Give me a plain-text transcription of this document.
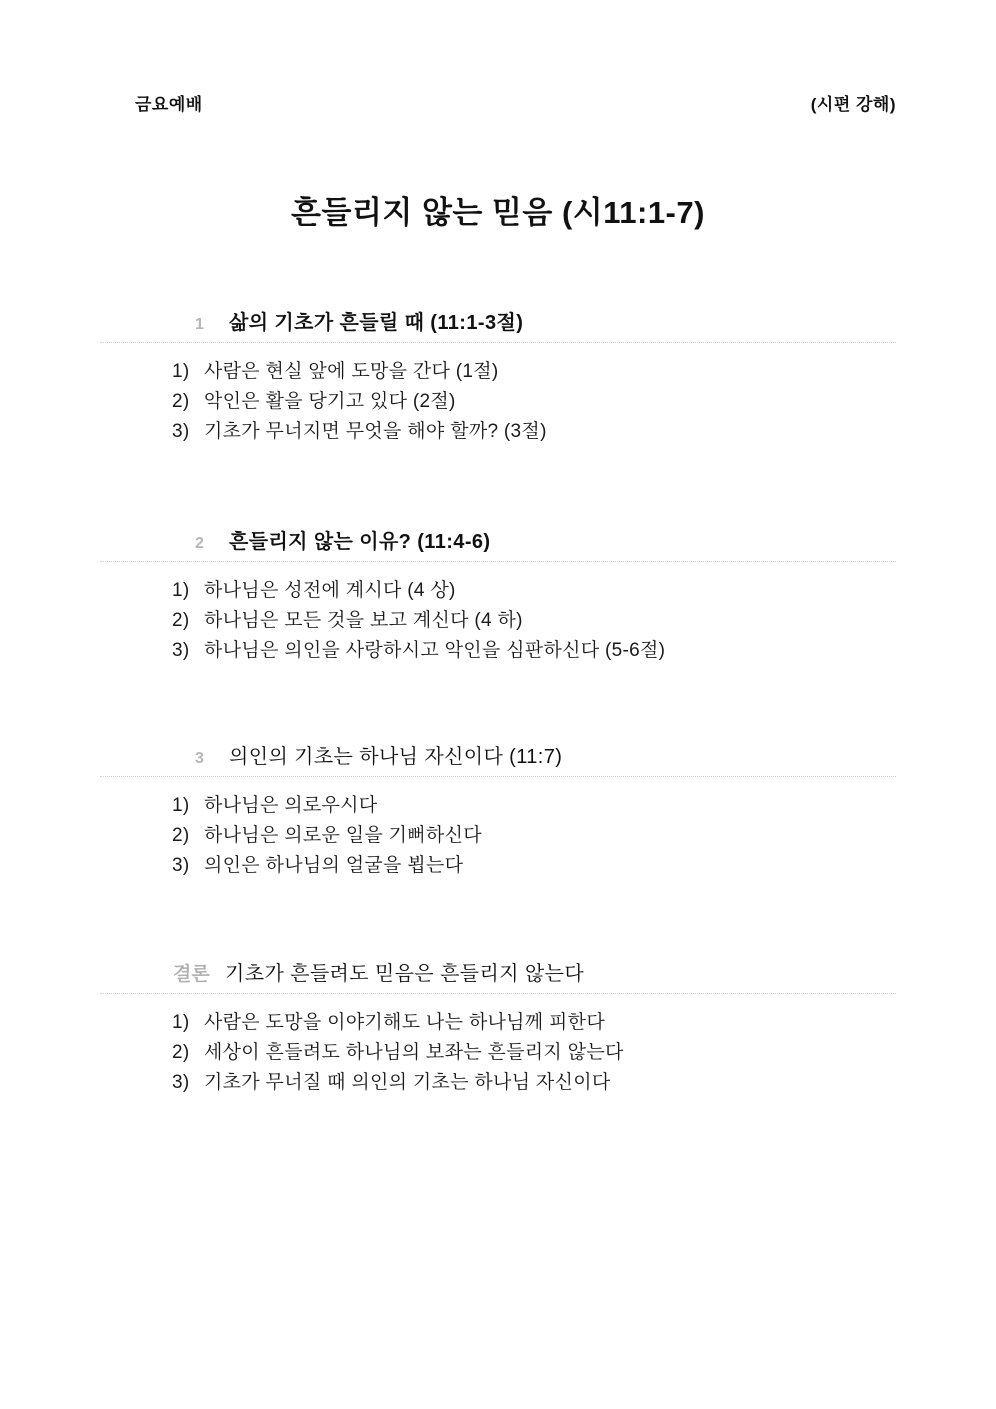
금요예배	(시편 강해)
흔들리지 않는 믿음 (시11:1-7)
1	삶의 기초가 흔들릴 때 (11:1-3절)
1) 사람은 현실 앞에 도망을 간다 (1절)
2) 악인은 활을 당기고 있다 (2절)
3) 기초가 무너지면 무엇을 해야 할까? (3절)
2	흔들리지 않는 이유? (11:4-6)
1) 하나님은 성전에 계시다 (4 상)
2) 하나님은 모든 것을 보고 계신다 (4 하)
3) 하나님은 의인을 사랑하시고 악인을 심판하신다 (5-6절)
3	의인의 기초는 하나님 자신이다 (11:7)
1) 하나님은 의로우시다
2) 하나님은 의로운 일을 기뻐하신다
3) 의인은 하나님의 얼굴을 뵙는다
결론 기초가 흔들려도 믿음은 흔들리지 않는다
1) 사람은 도망을 이야기해도 나는 하나님께 피한다
2) 세상이 흔들려도 하나님의 보좌는 흔들리지 않는다
3) 기초가 무너질 때 의인의 기초는 하나님 자신이다
